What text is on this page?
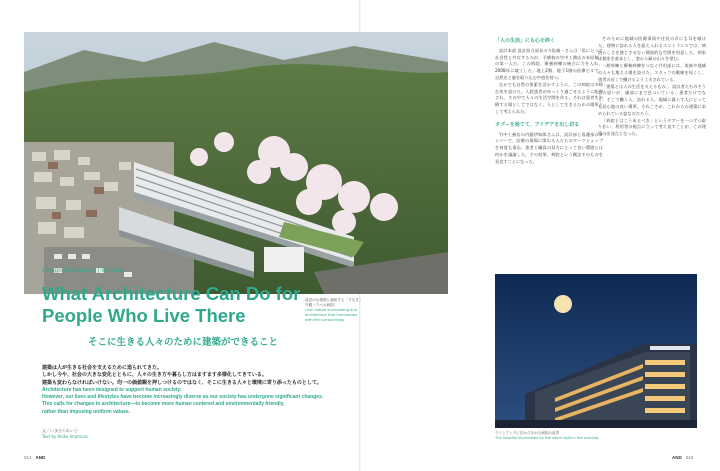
Design Challenges | Welfare
What Architecture Can Do for People Who Live There
そこに生きる人々のために建築ができること
緑豊かな環境と調和する「すなぎ」外観（ラベル病院）
Lush nature surrounding and architecture that harmonizes with the surroundings

建築は人が生きる社会を支えるために造られてきた。

しかし今や、社会の大きな変化とともに、人々の生き方や暮らし方はますます多様化してきている。

建築も変わらなければいけない。均一の価値観を押しつけるのではなく、そこに生きる人々と環境に寄り添ったものとして。

Architecture has been designed to support human society.

However, our lives and lifestyles have become increasingly diverse as our society has undergone significant changes.

This calls for changes in architecture—to become more human centered and environmentally friendly,

rather than imposing uniform values.

文／いまむられい子
Text by Reiko Imamura
014 AND	AND 015
「人の生活」にも心を砕く

設計本部 設計担当部長の今坂雄一さんは「私にとって社会性と共存するのが、予備校の竹中工務店の本原稿」の第一人だ。この病院、療養病棟の統合に力を入れ、2008年に竣工した。地上2階、地下1階の医療ビルで、自然光と風を取り込む中庭を持つ。

なかでも自然の要素を活かすように、この病院は多様な室を設けた。入院患者がゆっくり過ごせるように配慮され、その中で人々の生活空間を作る。それは患者を治療する場としてではなく、人として生きるための場所として考えられた。

タブーを捨てて、アイデアを出し切る

竹中工務店の内藤伊知郎さんは、設計部と看護部のメンバーで、医療の現場に関わる人たちのワークショップを何度も重ね、患者と職員の双方にとって良い環境とは何かを議論した。その結果、病院という概念そのものを見直すことになった。

そのために地域の医療事情や住民の声にも耳を傾けた。建物に訪れる人を迎え入れるエントランスでは、病院らしさを感じさせない開放的な空間を用意した。病室は個室を基本とし、窓から緑の山々を望む。

一般病棟と療養病棟をつなぐ共用部には、家族や地域の人々も集える場を設けた。スタッフの動線を短くし、患者の近くで働けるよう工夫されている。

「建築とは人の生活を支えるもの」。設計者たちのそうした思いが、細部にまで息づいている。患者だけでなく、そこで働く人、訪れる人、地域に暮らす人にとっても居心地の良い場所。それこそが、これからの建築に求められている姿なのだろう。

「病院とはこうあるべき」というタブーを一つずつ取り払い、利用者の視点に立って考え直すことが、この建築の出発点となった。

ライトアップに浮かびあがる病院の夜景
The hospital illuminated by the warm light in the evening
